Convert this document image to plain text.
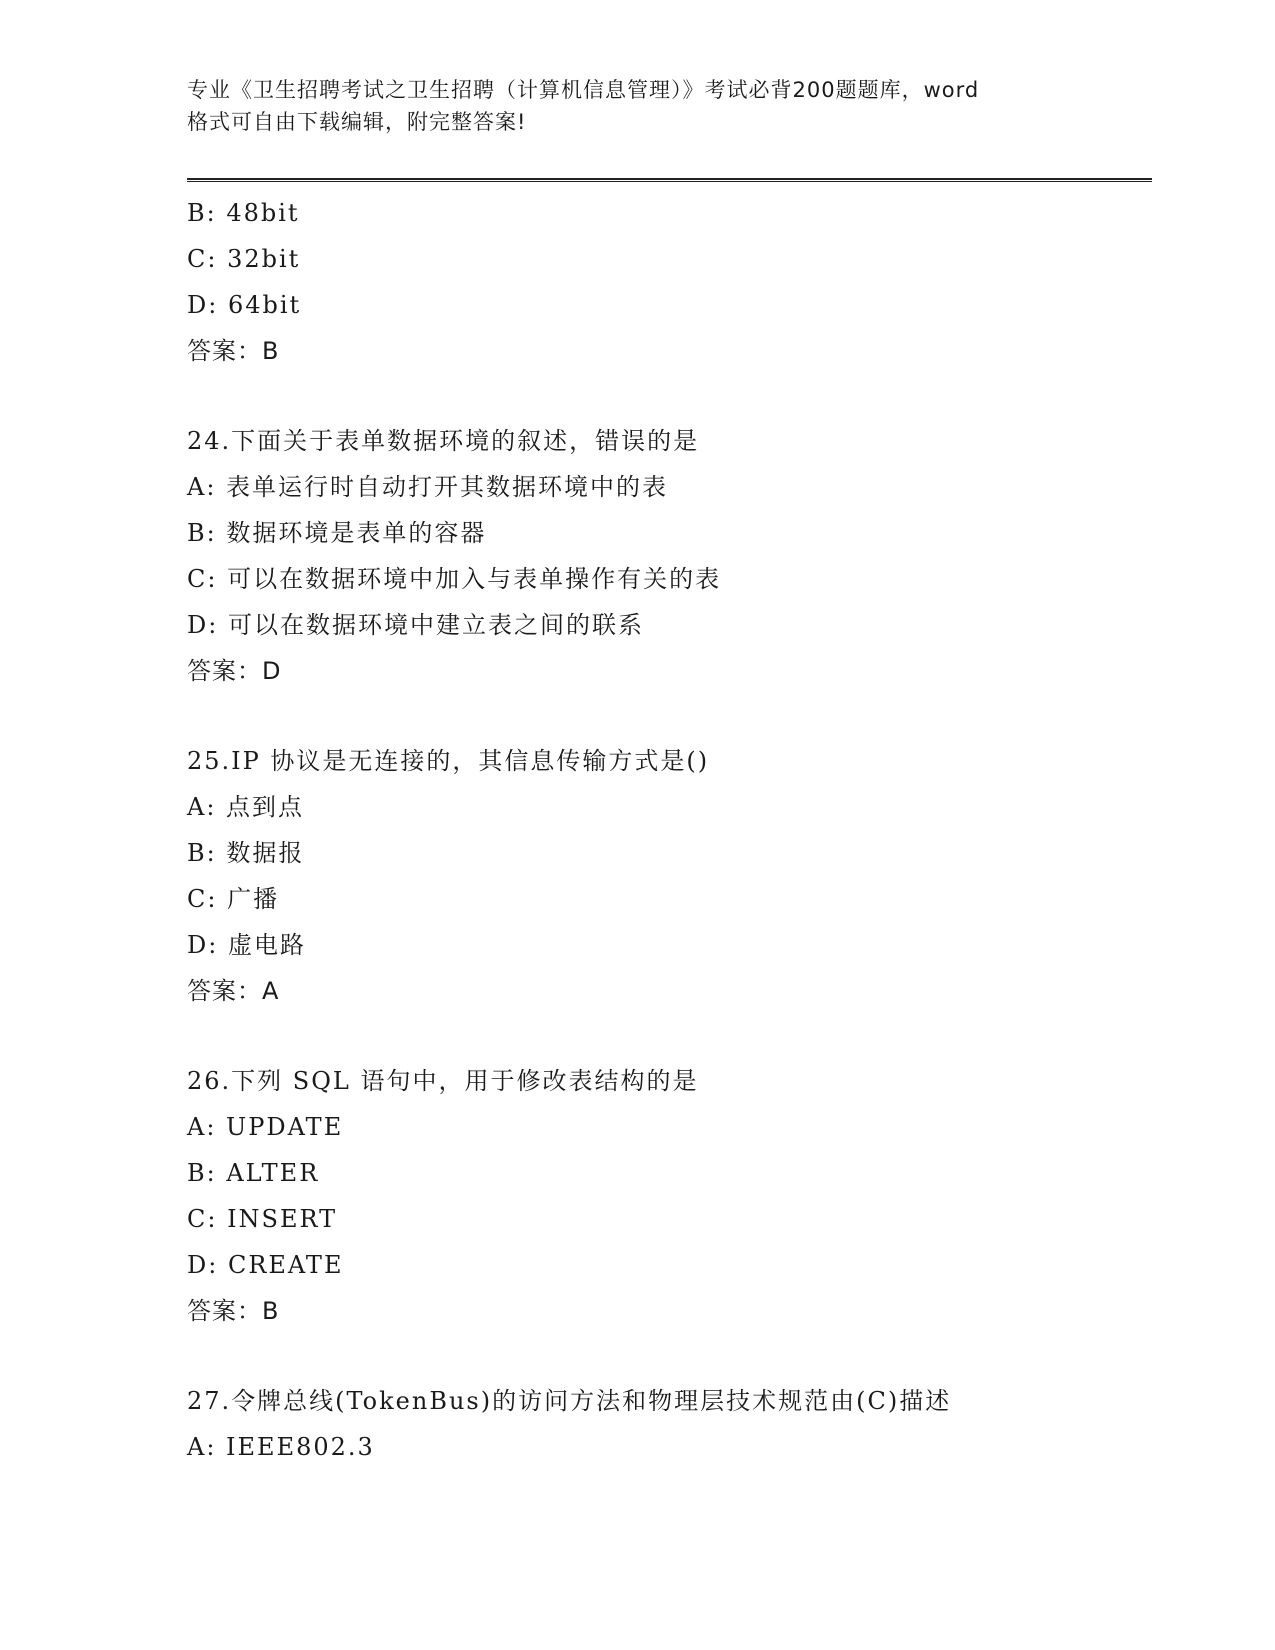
专业《卫生招聘考试之卫生招聘（计算机信息管理）》考试必背200题题库，word
格式可自由下载编辑，附完整答案!
B: 48bit
C: 32bit
D: 64bit
答案：B
24.下面关于表单数据环境的叙述，错误的是
A: 表单运行时自动打开其数据环境中的表
B: 数据环境是表单的容器
C: 可以在数据环境中加入与表单操作有关的表
D: 可以在数据环境中建立表之间的联系
答案：D
25.IP 协议是无连接的，其信息传输方式是()
A: 点到点
B: 数据报
C: 广播
D: 虚电路
答案：A
26.下列 SQL 语句中，用于修改表结构的是
A: UPDATE
B: ALTER
C: INSERT
D: CREATE
答案：B
27.令牌总线(TokenBus)的访问方法和物理层技术规范由(C)描述
A: IEEE802.3
